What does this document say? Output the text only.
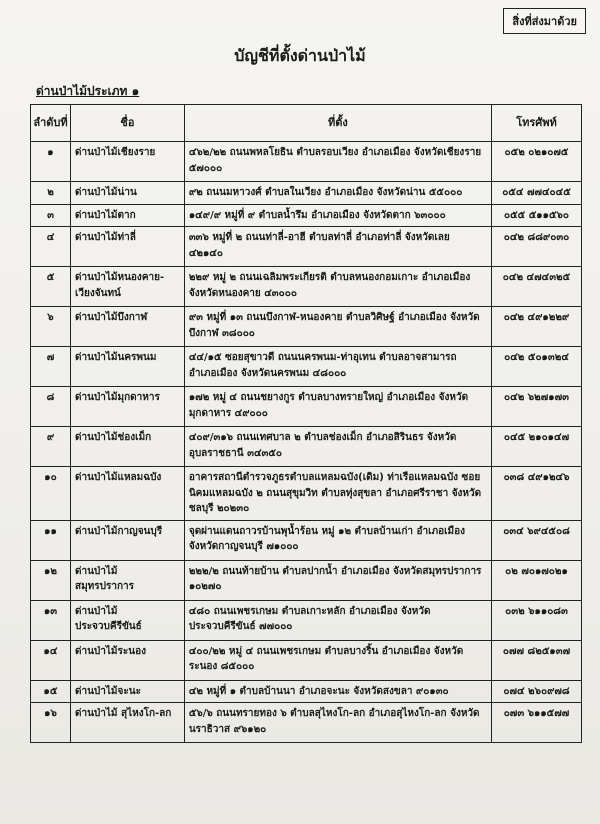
สิ่งที่ส่งมาด้วย
บัญชีที่ตั้งด่านป่าไม้
ด่านป่าไม้ประเภท ๑
ลำดับที่	ชื่อ	ที่ตั้ง	โทรศัพท์
๑	ด่านป่าไม้เชียงราย	๔๖๒/๒๒ ถนนพหลโยธิน ตำบลรอบเวียง อำเภอเมือง จังหวัดเชียงราย ๕๗๐๐๐	๐๕๒ ๐๒๑๐๗๕
๒	ด่านป่าไม้น่าน	๙๒ ถนนมหาวงศ์ ตำบลในเวียง อำเภอเมือง จังหวัดน่าน ๕๕๐๐๐	๐๕๔ ๗๗๔๐๔๕
๓	ด่านป่าไม้ตาก	๑๔๙/๙ หมู่ที่ ๙ ตำบลน้ำรึม อำเภอเมือง จังหวัดตาก ๖๓๐๐๐	๐๕๕ ๕๑๑๕๖๐
๔	ด่านป่าไม้ท่าลี่	๓๓๖ หมู่ที่ ๒ ถนนท่าลี่-อาฮี ตำบลท่าลี่ อำเภอท่าลี่ จังหวัดเลย ๔๒๑๔๐	๐๔๒ ๘๘๙๐๓๐
๕	ด่านป่าไม้หนองคาย-เวียงจันทน์	๒๒๙ หมู่ ๒ ถนนเฉลิมพระเกียรติ ตำบลหนองกอมเกาะ อำเภอเมือง จังหวัดหนองคาย ๔๓๐๐๐	๐๔๒ ๔๗๔๓๒๕
๖	ด่านป่าไม้บึงกาฬ	๙๓ หมู่ที่ ๑๓ ถนนบึงกาฬ-หนองคาย ตำบลวิศิษฐ์ อำเภอเมือง จังหวัดบึงกาฬ ๓๘๐๐๐	๐๔๒ ๔๙๑๒๒๙
๗	ด่านป่าไม้นครพนม	๔๔/๑๕ ซอยสุขาวดี ถนนนครพนม-ท่าอุเทน ตำบลอาจสามารถ อำเภอเมือง จังหวัดนครพนม ๔๘๐๐๐	๐๔๒ ๕๐๑๓๒๔
๘	ด่านป่าไม้มุกดาหาร	๑๗๒ หมู่ ๔ ถนนชยางกูร ตำบลบางทรายใหญ่ อำเภอเมือง จังหวัดมุกดาหาร ๔๙๐๐๐	๐๔๒ ๖๒๗๑๗๓
๙	ด่านป่าไม้ช่องเม็ก	๔๐๙/๓๑๖ ถนนเทศบาล ๒ ตำบลช่องเม็ก อำเภอสิรินธร จังหวัดอุบลราชธานี ๓๔๓๕๐	๐๔๕ ๒๑๐๑๔๗
๑๐	ด่านป่าไม้แหลมฉบัง	อาคารสถานีตำรวจภูธรตำบลแหลมฉบัง(เดิม) ท่าเรือแหลมฉบัง ซอยนิคมแหลมฉบัง ๒ ถนนสุขุมวิท ตำบลทุ่งสุขลา อำเภอศรีราชา จังหวัดชลบุรี ๒๐๒๓๐	๐๓๘ ๔๙๑๒๔๖
๑๑	ด่านป่าไม้กาญจนบุรี	จุดผ่านแดนถาวรบ้านพุน้ำร้อน หมู่ ๑๒ ตำบลบ้านเก่า อำเภอเมือง จังหวัดกาญจนบุรี ๗๑๐๐๐	๐๓๔ ๖๙๔๕๐๘
๑๒	ด่านป่าไม้ สมุทรปราการ	๒๒๒/๒ ถนนท้ายบ้าน ตำบลปากน้ำ อำเภอเมือง จังหวัดสมุทรปราการ ๑๐๒๗๐	๐๒ ๗๐๑๗๐๒๑
๑๓	ด่านป่าไม้ ประจวบคีรีขันธ์	๔๘๐ ถนนเพชรเกษม ตำบลเกาะหลัก อำเภอเมือง จังหวัดประจวบคีรีขันธ์ ๗๗๐๐๐	๐๓๒ ๖๑๑๐๘๓
๑๔	ด่านป่าไม้ระนอง	๔๐๐/๒๒ หมู่ ๔ ถนนเพชรเกษม ตำบลบางริ้น อำเภอเมือง จังหวัดระนอง ๘๕๐๐๐	๐๗๗ ๘๒๕๑๓๗
๑๕	ด่านป่าไม้จะนะ	๔๒ หมู่ที่ ๑ ตำบลบ้านนา อำเภอจะนะ จังหวัดสงขลา ๙๐๑๓๐	๐๗๔ ๒๖๐๙๗๘
๑๖	ด่านป่าไม้ สุไหงโก-ลก	๕๖/๖ ถนนทรายทอง ๖ ตำบลสุไหงโก-ลก อำเภอสุไหงโก-ลก จังหวัดนราธิวาส ๙๖๑๒๐	๐๗๓ ๖๑๑๕๗๗
